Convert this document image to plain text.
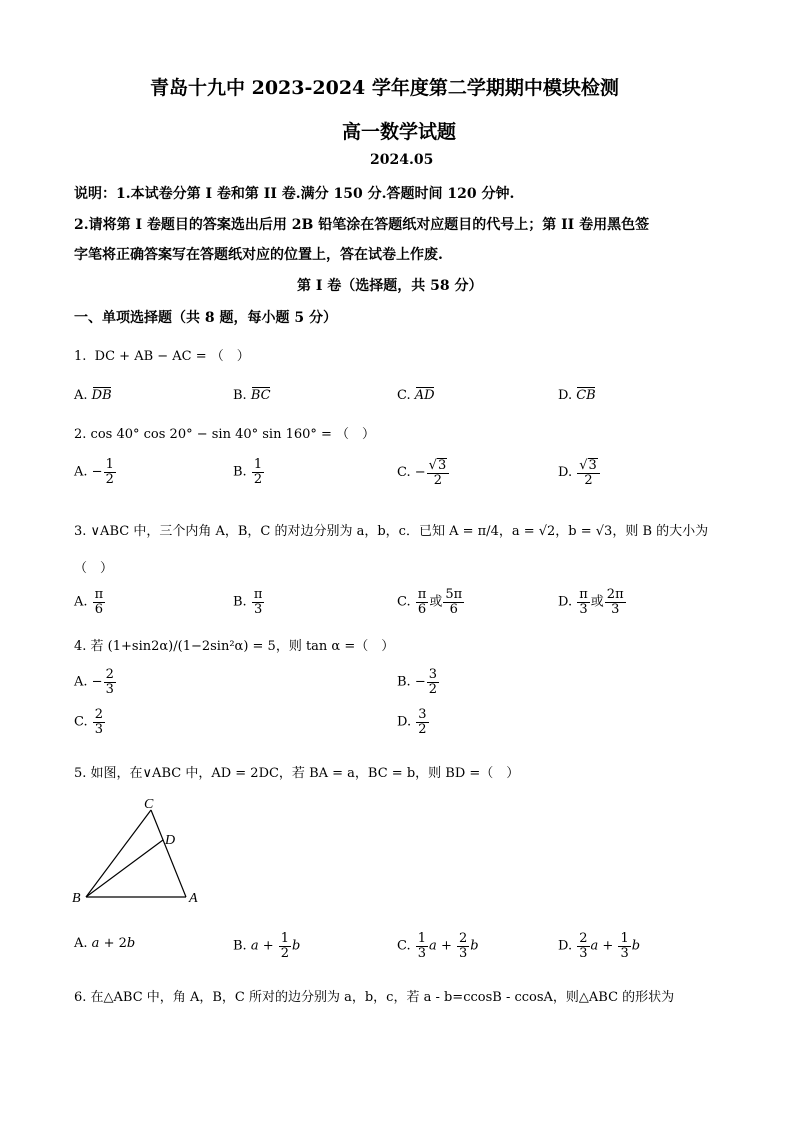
青岛十九中 2023-2024 学年度第二学期期中模块检测
高一数学试题
2024.05
说明：1.本试卷分第 I 卷和第 II 卷.满分 150 分.答题时间 120 分钟.
2.请将第 I 卷题目的答案选出后用 2B 铅笔涂在答题纸对应题目的代号上；第 II 卷用黑色签
字笔将正确答案写在答题纸对应的位置上，答在试卷上作废.
第 I 卷（选择题，共 58 分）
一、单项选择题（共 8 题，每小题 5 分）
1. DC + AB − AC = （　）
A. DB	B. BC	C. AD	D. CB
2. cos 40° cos 20° − sin 40° sin 160° = （　）
A. − $\frac{1}{2}$	B. $\frac{1}{2}$	C. − $\frac{√3}{2}$	D. $\frac{√3}{2}$
3. ∨ABC 中，三个内角 A，B，C 的对边分别为 a，b，c．已知 A = π/4，a = √2，b = √3，则 B 的大小为
（　）
A. $\frac{\pi}{6}$	B. $\frac{\pi}{3}$	C. $\frac{\pi}{6}$ 或 $\frac{5\pi}{6}$	D. $\frac{\pi}{3}$ 或 $\frac{2\pi}{3}$
4. 若 (1+sin2α)/(1−2sin²α) = 5，则 tan α =（　）
A. − $\frac{2}{3}$	B. − $\frac{3}{2}$
C. $\frac{2}{3}$	D. $\frac{3}{2}$
5. 如图，在∨ABC 中，AD = 2DC，若 BA = a，BC = b，则 BD =（　）
C
D
B	A
A. a + 2b	B. $a + \frac{1}{2}$ b	C. $\frac{1}{3}$ $a + \frac{2}{3}$ b	D. $\frac{2}{3}$ $a + \frac{1}{3}$ b
6. 在△ABC 中，角 A，B，C 所对的边分别为 a，b，c，若 a - b=ccosB - ccosA，则△ABC 的形状为
